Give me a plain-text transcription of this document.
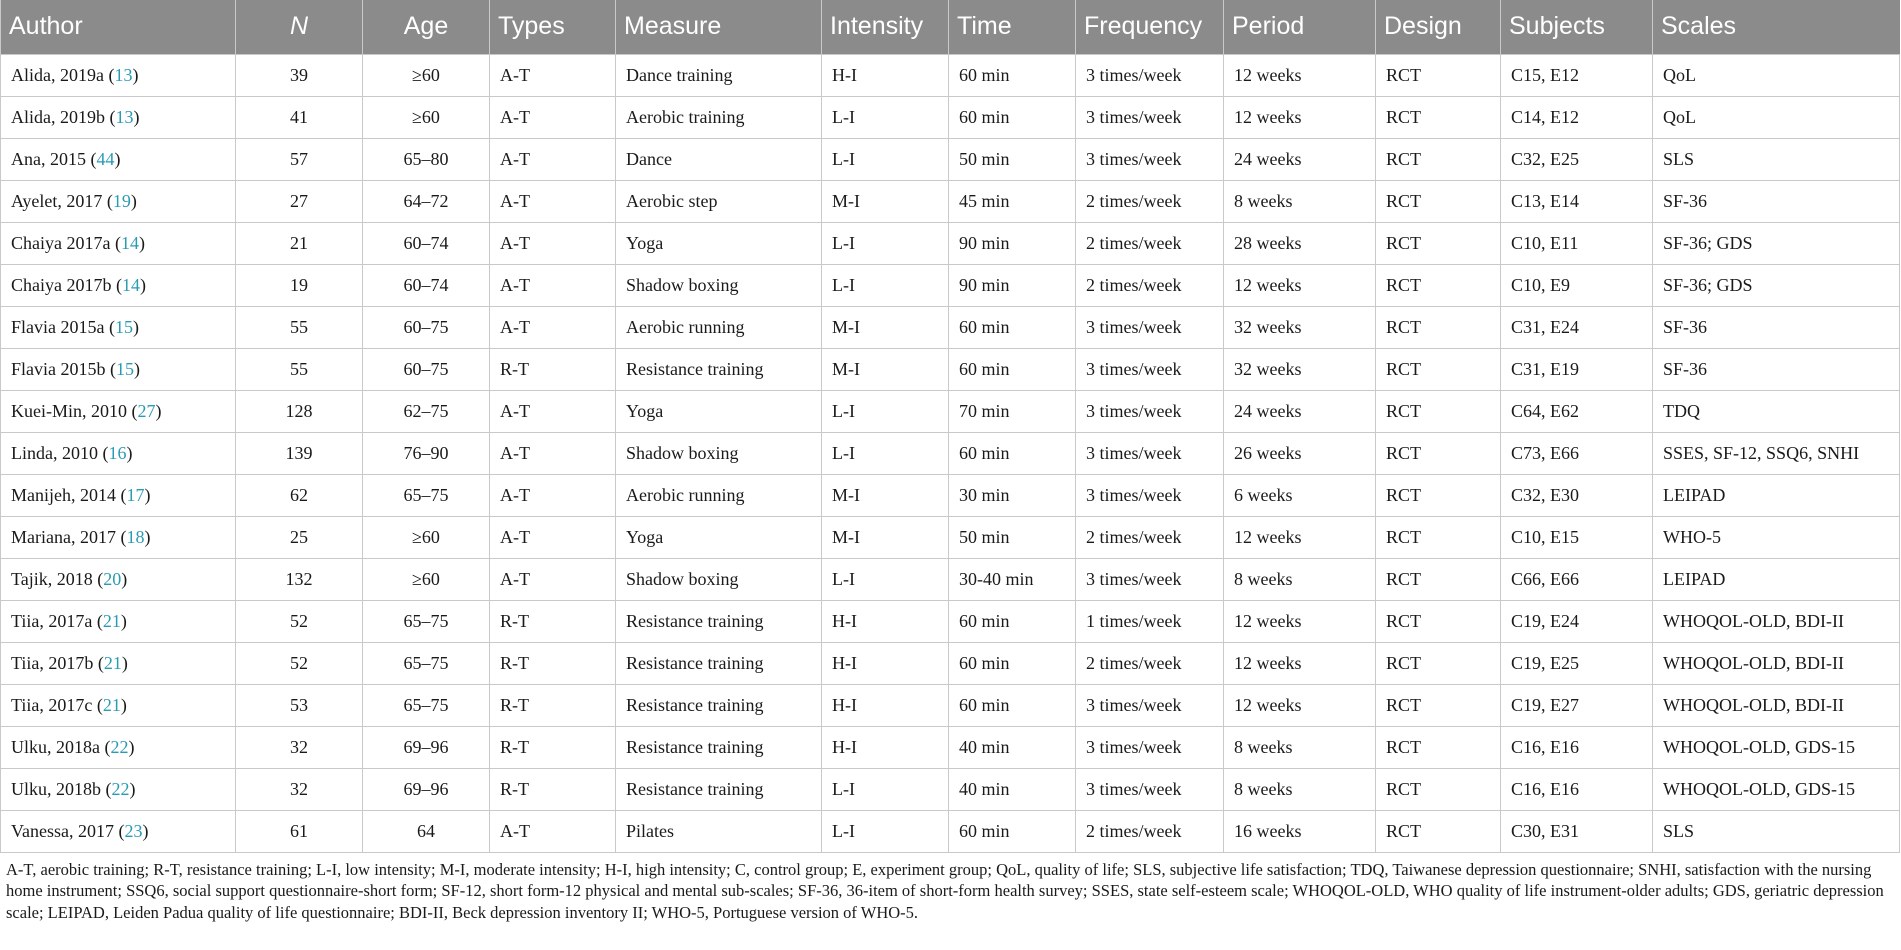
Author	N	Age	Types	Measure	Intensity	Time	Frequency	Period	Design	Subjects	Scales
Alida, 2019a (13)	39	≥60	A-T	Dance training	H-I	60 min	3 times/week	12 weeks	RCT	C15, E12	QoL
Alida, 2019b (13)	41	≥60	A-T	Aerobic training	L-I	60 min	3 times/week	12 weeks	RCT	C14, E12	QoL
Ana, 2015 (44)	57	65–80	A-T	Dance	L-I	50 min	3 times/week	24 weeks	RCT	C32, E25	SLS
Ayelet, 2017 (19)	27	64–72	A-T	Aerobic step	M-I	45 min	2 times/week	8 weeks	RCT	C13, E14	SF-36
Chaiya 2017a (14)	21	60–74	A-T	Yoga	L-I	90 min	2 times/week	28 weeks	RCT	C10, E11	SF-36; GDS
Chaiya 2017b (14)	19	60–74	A-T	Shadow boxing	L-I	90 min	2 times/week	12 weeks	RCT	C10, E9	SF-36; GDS
Flavia 2015a (15)	55	60–75	A-T	Aerobic running	M-I	60 min	3 times/week	32 weeks	RCT	C31, E24	SF-36
Flavia 2015b (15)	55	60–75	R-T	Resistance training	M-I	60 min	3 times/week	32 weeks	RCT	C31, E19	SF-36
Kuei-Min, 2010 (27)	128	62–75	A-T	Yoga	L-I	70 min	3 times/week	24 weeks	RCT	C64, E62	TDQ
Linda, 2010 (16)	139	76–90	A-T	Shadow boxing	L-I	60 min	3 times/week	26 weeks	RCT	C73, E66	SSES, SF-12, SSQ6, SNHI
Manijeh, 2014 (17)	62	65–75	A-T	Aerobic running	M-I	30 min	3 times/week	6 weeks	RCT	C32, E30	LEIPAD
Mariana, 2017 (18)	25	≥60	A-T	Yoga	M-I	50 min	2 times/week	12 weeks	RCT	C10, E15	WHO-5
Tajik, 2018 (20)	132	≥60	A-T	Shadow boxing	L-I	30-40 min	3 times/week	8 weeks	RCT	C66, E66	LEIPAD
Tiia, 2017a (21)	52	65–75	R-T	Resistance training	H-I	60 min	1 times/week	12 weeks	RCT	C19, E24	WHOQOL-OLD, BDI-II
Tiia, 2017b (21)	52	65–75	R-T	Resistance training	H-I	60 min	2 times/week	12 weeks	RCT	C19, E25	WHOQOL-OLD, BDI-II
Tiia, 2017c (21)	53	65–75	R-T	Resistance training	H-I	60 min	3 times/week	12 weeks	RCT	C19, E27	WHOQOL-OLD, BDI-II
Ulku, 2018a (22)	32	69–96	R-T	Resistance training	H-I	40 min	3 times/week	8 weeks	RCT	C16, E16	WHOQOL-OLD, GDS-15
Ulku, 2018b (22)	32	69–96	R-T	Resistance training	L-I	40 min	3 times/week	8 weeks	RCT	C16, E16	WHOQOL-OLD, GDS-15
Vanessa, 2017 (23)	61	64	A-T	Pilates	L-I	60 min	2 times/week	16 weeks	RCT	C30, E31	SLS
A-T, aerobic training; R-T, resistance training; L-I, low intensity; M-I, moderate intensity; H-I, high intensity; C, control group; E, experiment group; QoL, quality of life; SLS, subjective life satisfaction; TDQ, Taiwanese depression questionnaire; SNHI, satisfaction with the nursing home instrument; SSQ6, social support questionnaire-short form; SF-12, short form-12 physical and mental sub-scales; SF-36, 36-item of short-form health survey; SSES, state self-esteem scale; WHOQOL-OLD, WHO quality of life instrument-older adults; GDS, geriatric depression scale; LEIPAD, Leiden Padua quality of life questionnaire; BDI-II, Beck depression inventory II; WHO-5, Portuguese version of WHO-5.
